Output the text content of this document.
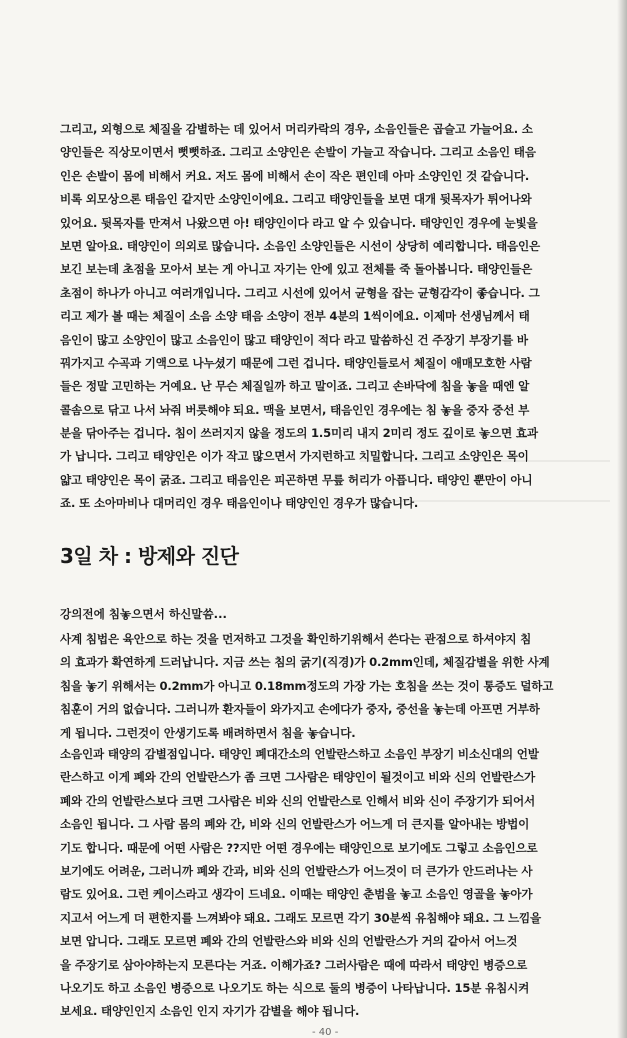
그리고, 외형으로 체질을 감별하는 데 있어서 머리카락의 경우, 소음인들은 곱슬고 가늘어요. 소
양인들은 직상모이면서 뻣뻣하죠. 그리고 소양인은 손발이 가늘고 작습니다. 그리고 소음인 태음
인은 손발이 몸에 비해서 커요. 저도 몸에 비해서 손이 작은 편인데 아마 소양인인 것 같습니다.
비록 외모상으론 태음인 같지만 소양인이에요. 그리고 태양인들을 보면 대개 뒷목자가 튀어나와
있어요. 뒷목자를 만져서 나왔으면 아! 태양인이다 라고 알 수 있습니다. 태양인인 경우에 눈빛을
보면 알아요. 태양인이 의외로 많습니다. 소음인 소양인들은 시선이 상당히 예리합니다. 태음인은
보긴 보는데 초점을 모아서 보는 게 아니고 자기는 안에 있고 전체를 죽 돌아봅니다. 태양인들은
초점이 하나가 아니고 여러개입니다. 그리고 시선에 있어서 균형을 잡는 균형감각이 좋습니다. 그
리고 제가 볼 때는 체질이 소음 소양 태음 소양이 전부 4분의 1씩이에요. 이제마 선생님께서 태
음인이 많고 소양인이 많고 소음인이 많고 태양인이 적다 라고 말씀하신 건 주장기 부장기를 바
꿔가지고 수곡과 기액으로 나누셨기 때문에 그런 겁니다. 태양인들로서 체질이 애매모호한 사람
들은 정말 고민하는 거예요. 난 무슨 체질일까 하고 말이죠. 그리고 손바닥에 침을 놓을 때엔 알
콜솜으로 닦고 나서 놔줘 버릇해야 되요. 맥을 보면서, 태음인인 경우에는 침 놓을 중자 중선 부
분을 닦아주는 겁니다. 침이 쓰러지지 않을 정도의 1.5미리 내지 2미리 정도 깊이로 놓으면 효과
가 납니다. 그리고 태양인은 이가 작고 많으면서 가지런하고 치밀합니다. 그리고 소양인은 목이
얇고 태양인은 목이 굵죠. 그리고 태음인은 피곤하면 무릎 허리가 아픕니다. 태양인 뿐만이 아니
죠. 또 소아마비나 대머리인 경우 태음인이나 태양인인 경우가 많습니다.
3일 차 : 방제와 진단

강의전에 침놓으면서 하신말씀...

사계 침법은 육안으로 하는 것을 먼저하고 그것을 확인하기위해서 쓴다는 관점으로 하셔야지 침
의 효과가 확연하게 드러납니다. 지금 쓰는 침의 굵기(직경)가 0.2mm인데, 체질감별을 위한 사계
침을 놓기 위해서는 0.2mm가 아니고 0.18mm정도의 가장 가는 호침을 쓰는 것이 통증도 덜하고
침훈이 거의 없습니다. 그러니까 환자들이 와가지고 손에다가 중자, 중선을 놓는데 아프면 거부하
게 됩니다. 그런것이 안생기도록 배려하면서 침을 놓습니다.
소음인과 태양의 감별점입니다. 태양인 폐대간소의 언발란스하고 소음인 부장기 비소신대의 언발
란스하고 이게 폐와 간의 언발란스가 좀 크면 그사람은 태양인이 될것이고 비와 신의 언발란스가
폐와 간의 언발란스보다 크면 그사람은 비와 신의 언발란스로 인해서 비와 신이 주장기가 되어서
소음인 됩니다. 그 사람 몸의 폐와 간, 비와 신의 언발란스가 어느게 더 큰지를 알아내는 방법이
기도 합니다. 때문에 어떤 사람은 ??지만 어떤 경우에는 태양인으로 보기에도 그렇고 소음인으로
보기에도 어려운, 그러니까 폐와 간과, 비와 신의 언발란스가 어느것이 더 큰가가 안드러나는 사
람도 있어요. 그런 케이스라고 생각이 드네요. 이때는 태양인 춘범을 놓고 소음인 영골을 놓아가
지고서 어느게 더 편한지를 느껴봐야 돼요. 그래도 모르면 각기 30분씩 유침해야 돼요. 그 느낌을
보면 압니다. 그래도 모르면 폐와 간의 언발란스와 비와 신의 언발란스가 거의 같아서 어느것
을 주장기로 삼아야하는지 모른다는 거죠. 이해가죠? 그러사람은 때에 따라서 태양인 병증으로
나오기도 하고 소음인 병증으로 나오기도 하는 식으로 둘의 병증이 나타납니다. 15분 유침시켜
보세요. 태양인인지 소음인 인지 자기가 감별을 해야 됩니다.
- 40 -
